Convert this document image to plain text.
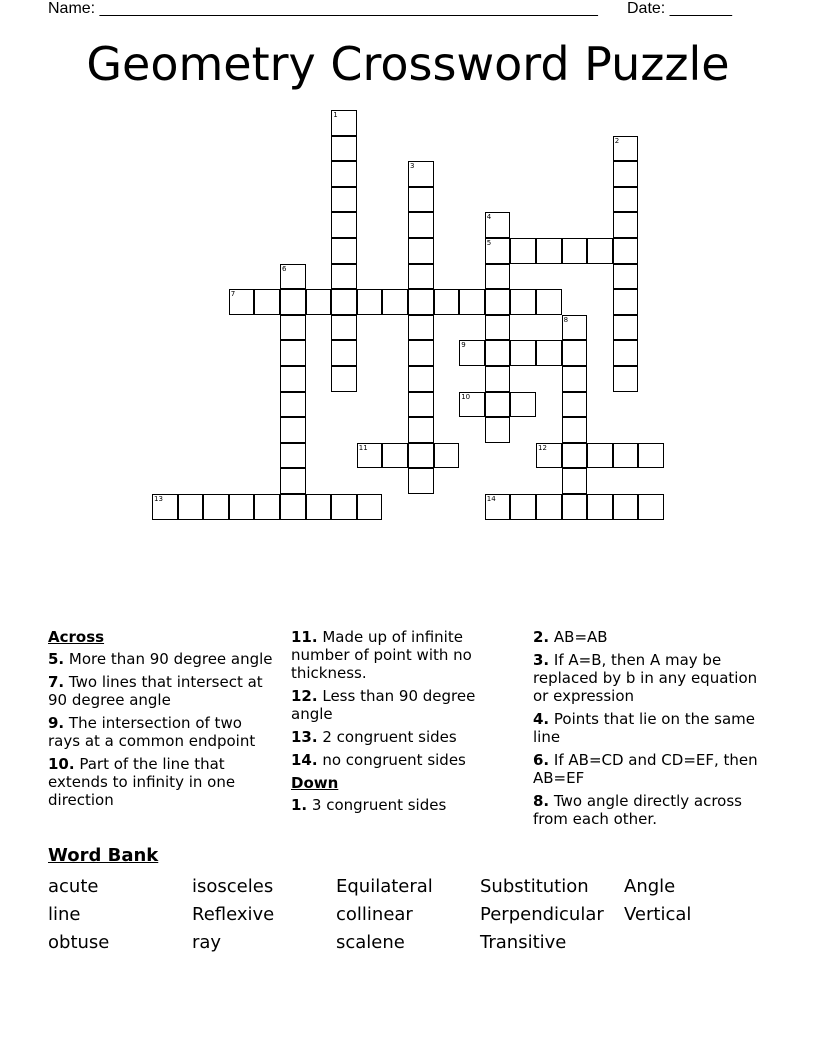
Name: ________________________________________________________ Date: _______
Geometry Crossword Puzzle
1
2
3
4
5
6
7
8
9
10
11	12
13	14
Across
5. More than 90 degree angle
7. Two lines that intersect at 90 degree angle
9. The intersection of two rays at a common endpoint
10. Part of the line that extends to infinity in one direction
11. Made up of infinite number of point with no thickness.
12. Less than 90 degree angle
13. 2 congruent sides
14. no congruent sides
Down
1. 3 congruent sides
2. AB=AB
3. If A=B, then A may be replaced by b in any equation or expression
4. Points that lie on the same line
6. If AB=CD and CD=EF, then AB=EF
8. Two angle directly across from each other.
Word Bank
acute	isosceles	Equilateral	Substitution Angle
line	Reflexive	collinear	Perpendicular Vertical
obtuse	ray	scalene	Transitive
